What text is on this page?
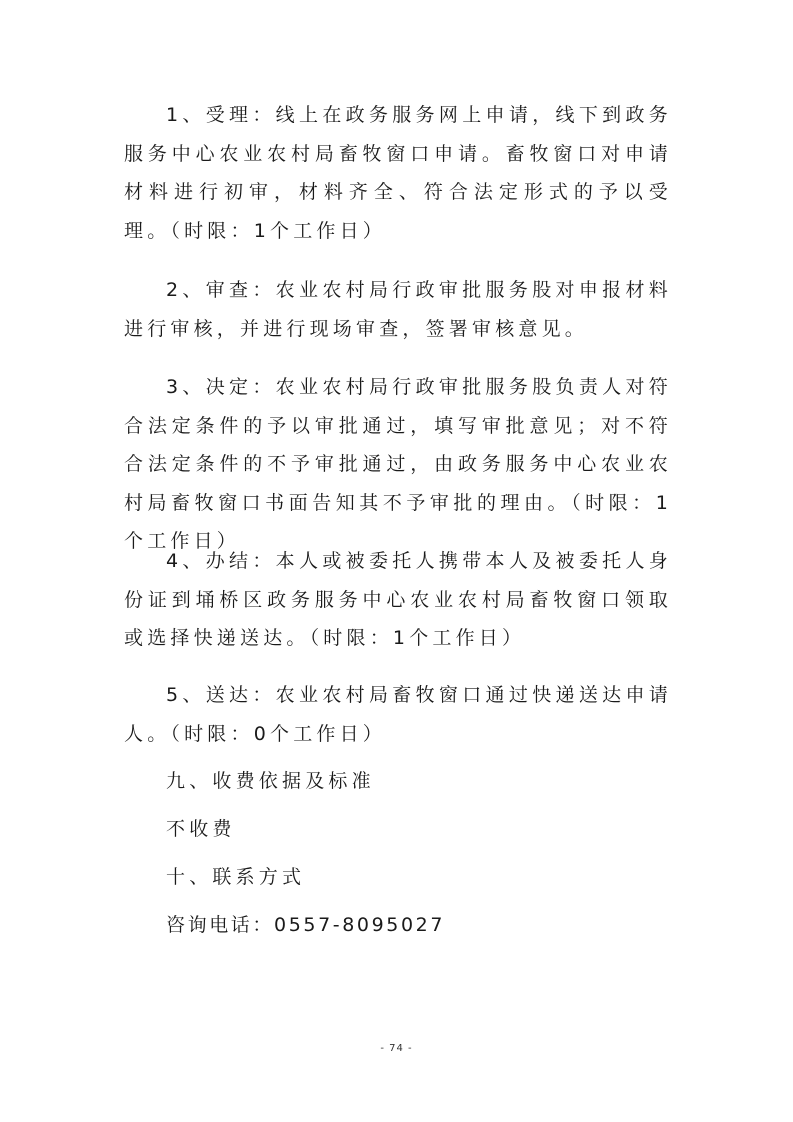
1、受理：线上在政务服务网上申请，线下到政务服务中心农业农村局畜牧窗口申请。畜牧窗口对申请材料进行初审，材料齐全、符合法定形式的予以受理。（时限：1个工作日）

2、审查：农业农村局行政审批服务股对申报材料进行审核，并进行现场审查，签署审核意见。

3、决定：农业农村局行政审批服务股负责人对符合法定条件的予以审批通过，填写审批意见；对不符合法定条件的不予审批通过，由政务服务中心农业农村局畜牧窗口书面告知其不予审批的理由。（时限：1个工作日）

4、办结：本人或被委托人携带本人及被委托人身份证到埇桥区政务服务中心农业农村局畜牧窗口领取或选择快递送达。（时限：1个工作日）

5、送达：农业农村局畜牧窗口通过快递送达申请人。（时限：0个工作日）

九、收费依据及标准

不收费

十、联系方式

咨询电话：0557-8095027

- 74 -
